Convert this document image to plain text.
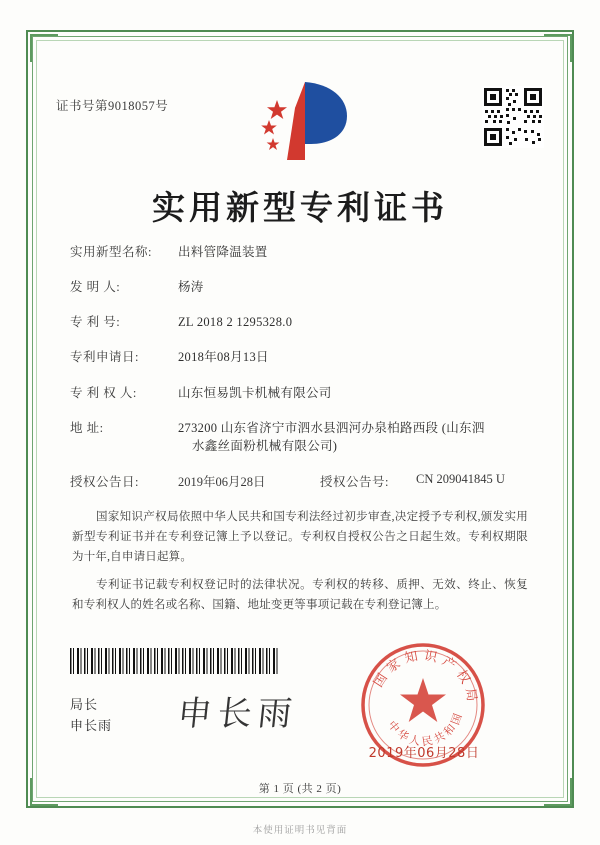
证书号第9018057号
实用新型专利证书
实用新型名称:	出料管降温装置
发 明 人:	杨涛
专 利 号:	ZL 2018 2 1295328.0
专利申请日:	2018年08月13日
专 利 权 人:	山东恒易凯卡机械有限公司
地 址:	273200 山东省济宁市泗水县泗河办泉柏路西段 (山东泗
水鑫丝面粉机械有限公司)
授权公告日:	2019年06月28日	授权公告号:	CN 209041845 U

国家知识产权局依照中华人民共和国专利法经过初步审查,决定授予专利权,颁发实用新型专利证书并在专利登记簿上予以登记。专利权自授权公告之日起生效。专利权期限为十年,自申请日起算。

专利证书记载专利权登记时的法律状况。专利权的转移、质押、无效、终止、恢复和专利权人的姓名或名称、国籍、地址变更等事项记载在专利登记簿上。

局长
申长雨 申长雨
国家知识产权局
中华人民共和国
2019年06月28日
第 1 页 (共 2 页)
本使用证明书见背面
